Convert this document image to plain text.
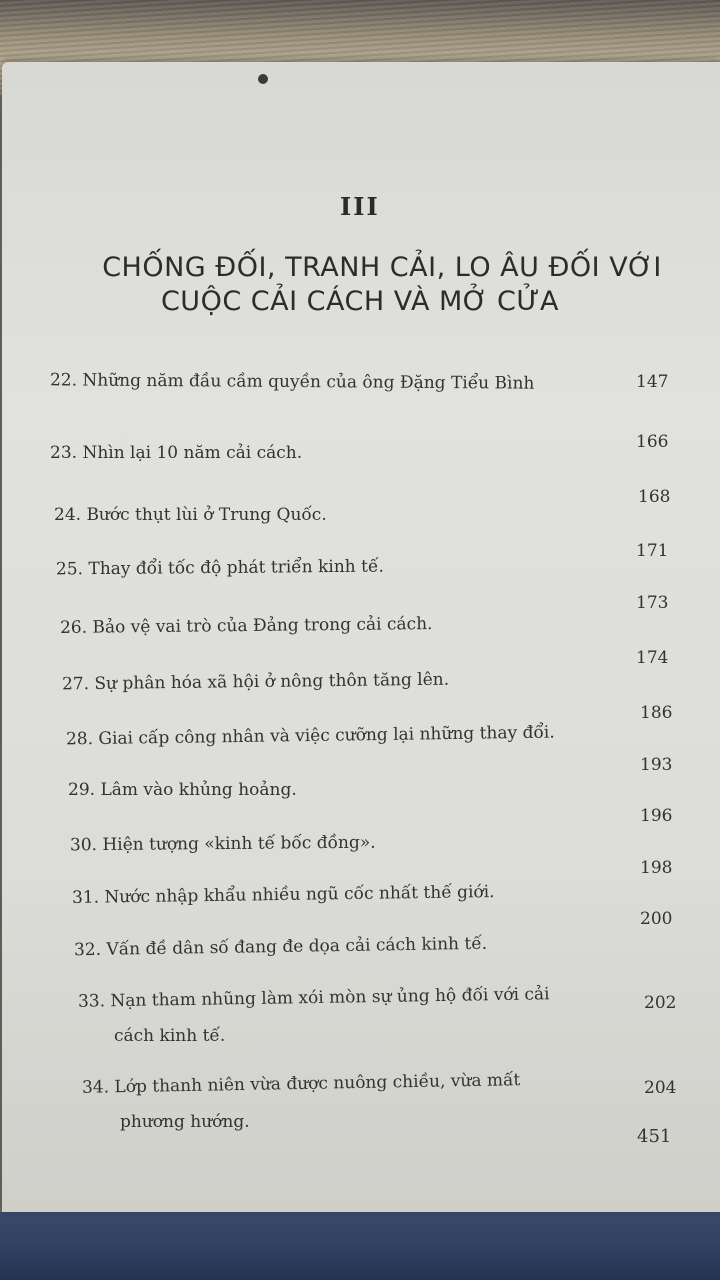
III
CHỐNG ĐỐI, TRANH CẢI, LO ÂU ĐỐI VỚI
CUỘC CẢI CÁCH VÀ MỞ CỬA
22. Những năm đầu cầm quyền của ông Đặng Tiểu Bình	147
23. Nhìn lại 10 năm cải cách.
166
24. Bước thụt lùi ở Trung Quốc.
168
25. Thay đổi tốc độ phát triển kinh tế.
171
26. Bảo vệ vai trò của Đảng trong cải cách.
173
27. Sự phân hóa xã hội ở nông thôn tăng lên.
174
28. Giai cấp công nhân và việc cưỡng lại những thay đổi.
186
29. Lâm vào khủng hoảng.
193
30. Hiện tượng «kinh tế bốc đồng».
196
31. Nước nhập khẩu nhiều ngũ cốc nhất thế giới.
198
32. Vấn đề dân số đang đe dọa cải cách kinh tế.
200
33. Nạn tham nhũng làm xói mòn sự ủng hộ đối với cải
cách kinh tế.
202
34. Lớp thanh niên vừa được nuông chiều, vừa mất
phương hướng.
204
451
